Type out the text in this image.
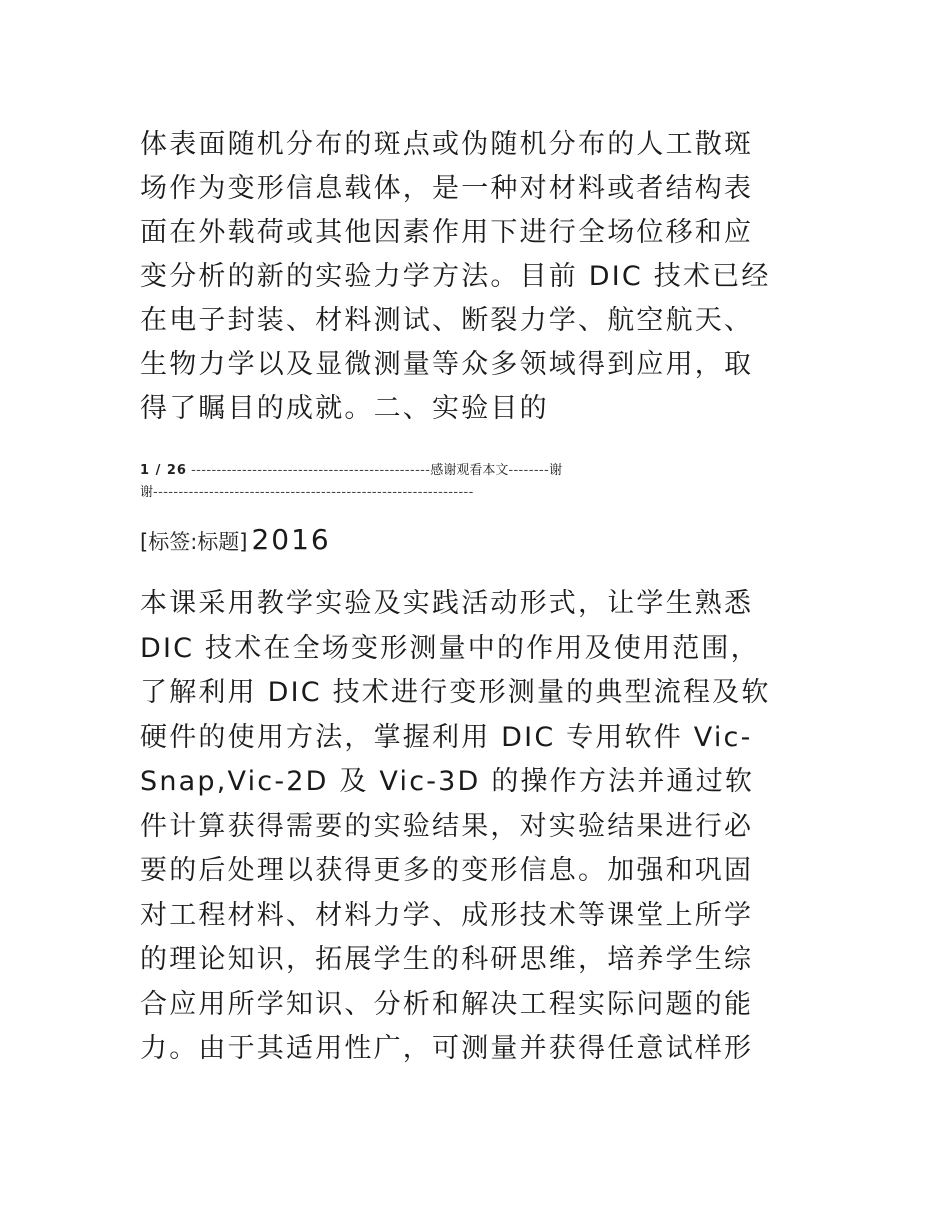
体表面随机分布的斑点或伪随机分布的人工散斑
场作为变形信息载体，是一种对材料或者结构表
面在外载荷或其他因素作用下进行全场位移和应
变分析的新的实验力学方法。目前 DIC 技术已经
在电子封装、材料测试、断裂力学、航空航天、
生物力学以及显微测量等众多领域得到应用，取
得了瞩目的成就。二、实验目的
1 / 26 -----------------------------------------------感谢观看本文--------谢
谢---------------------------------------------------------------
[标签:标题] 2016
本课采用教学实验及实践活动形式，让学生熟悉
DIC 技术在全场变形测量中的作用及使用范围，
了解利用 DIC 技术进行变形测量的典型流程及软
硬件的使用方法，掌握利用 DIC 专用软件 Vic-
Snap,Vic-2D 及 Vic-3D 的操作方法并通过软
件计算获得需要的实验结果，对实验结果进行必
要的后处理以获得更多的变形信息。加强和巩固
对工程材料、材料力学、成形技术等课堂上所学
的理论知识，拓展学生的科研思维，培养学生综
合应用所学知识、分析和解决工程实际问题的能
力。由于其适用性广，可测量并获得任意试样形
